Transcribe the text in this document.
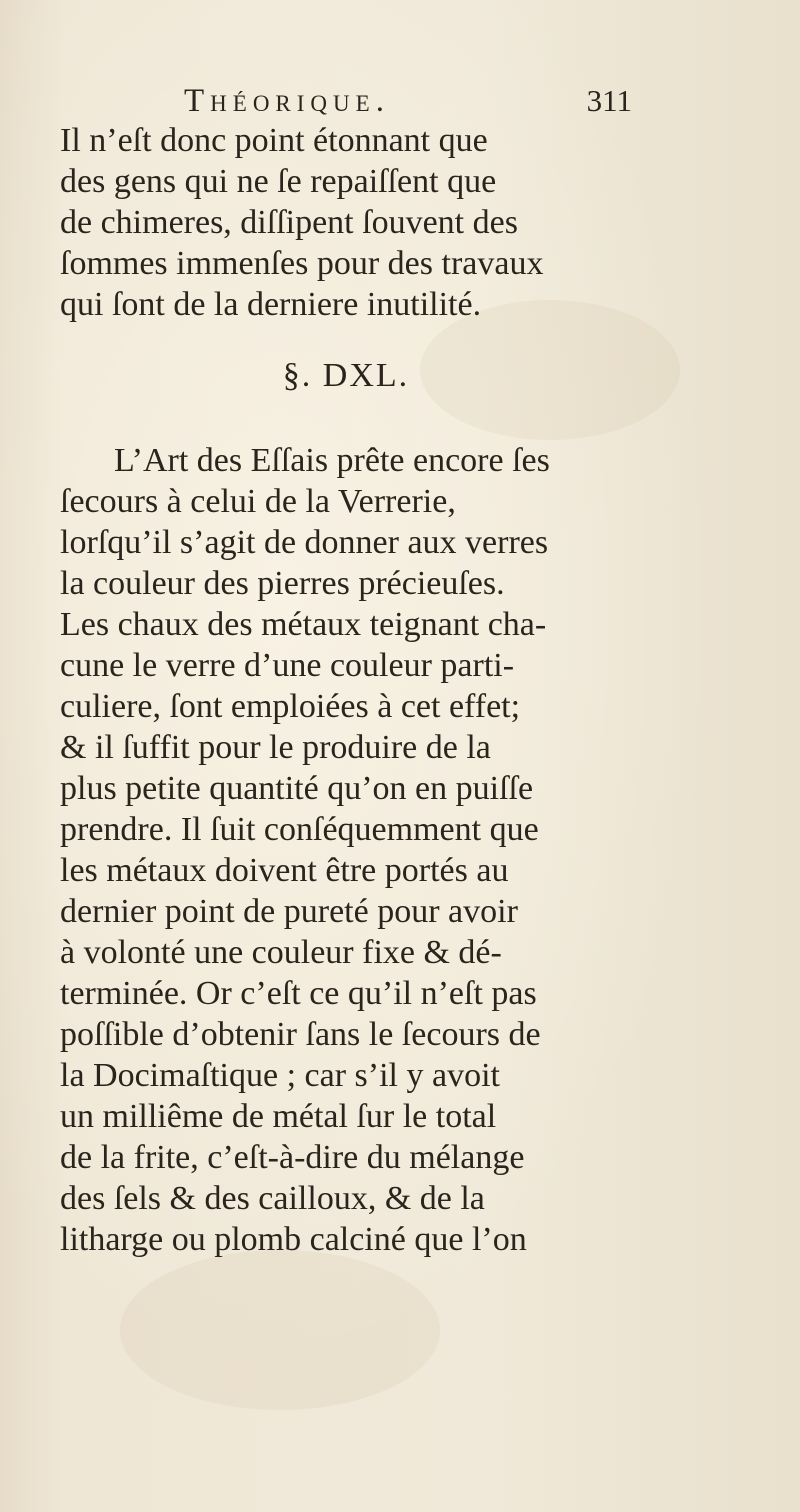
Théorique.	311
Il n’eſt donc point étonnant que
des gens qui ne ſe repaiſſent que
de chimeres, diſſipent ſouvent des
ſommes immenſes pour des travaux
qui ſont de la derniere inutilité.
§. DXL.
L’Art des Eſſais prête encore ſes
ſecours à celui de la Verrerie,
lorſqu’il s’agit de donner aux verres
la couleur des pierres précieuſes.
Les chaux des métaux teignant cha-
cune le verre d’une couleur parti-
culiere, ſont emploiées à cet effet;
& il ſuffit pour le produire de la
plus petite quantité qu’on en puiſſe
prendre. Il ſuit conſéquemment que
les métaux doivent être portés au
dernier point de pureté pour avoir
à volonté une couleur fixe & dé-
terminée. Or c’eſt ce qu’il n’eſt pas
poſſible d’obtenir ſans le ſecours de
la Docimaſtique ; car s’il y avoit
un milliême de métal ſur le total
de la frite, c’eſt-à-dire du mélange
des ſels & des cailloux, & de la
litharge ou plomb calciné que l’on
